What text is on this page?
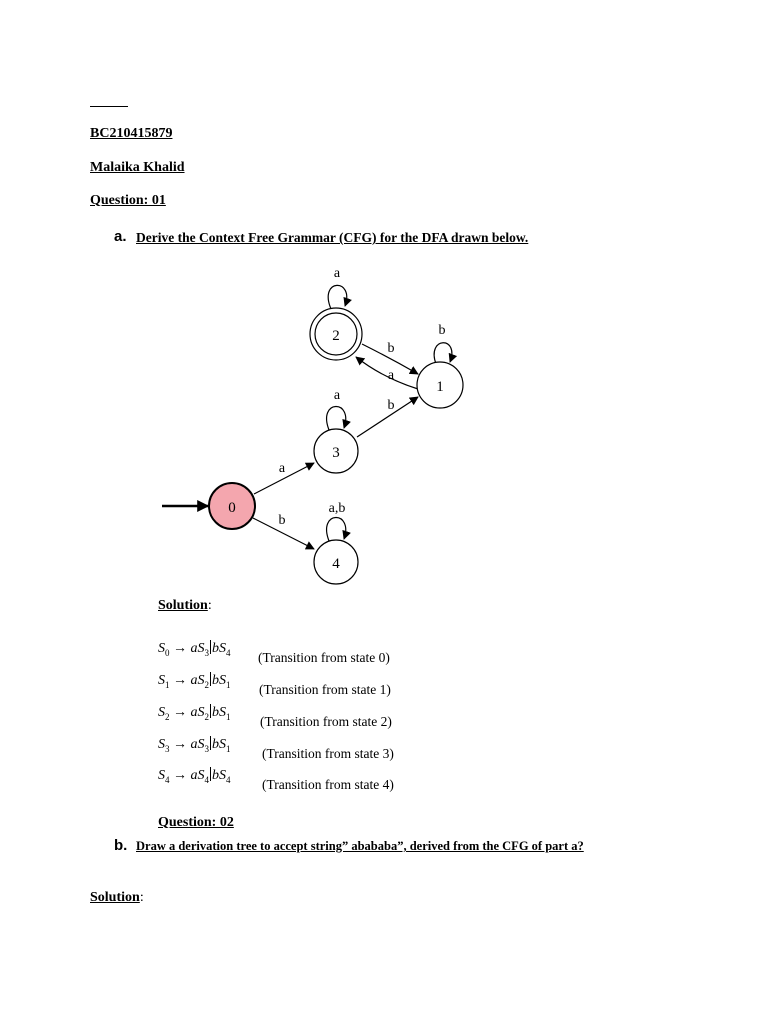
BC210415879
Malaika Khalid
Question: 01
a. Derive the Context Free Grammar (CFG) for the DFA drawn below.
0
1
2
3
4
a
b
b
a
a
b
a
b
a,b
Solution:
$S_0 \to aS_3$ $bS_4$ (Transition from state 0)
$S_1 \to aS_2$ $bS_1$ (Transition from state 1)
$S_2 \to aS_2$ $bS_1$ (Transition from state 2)
$S_3 \to aS_3$ $bS_1$ (Transition from state 3)
$S_4 \to aS_4$ $bS_4$ (Transition from state 4)
Question: 02
b. Draw a derivation tree to accept string” abababa”, derived from the CFG of part a?
Solution:
